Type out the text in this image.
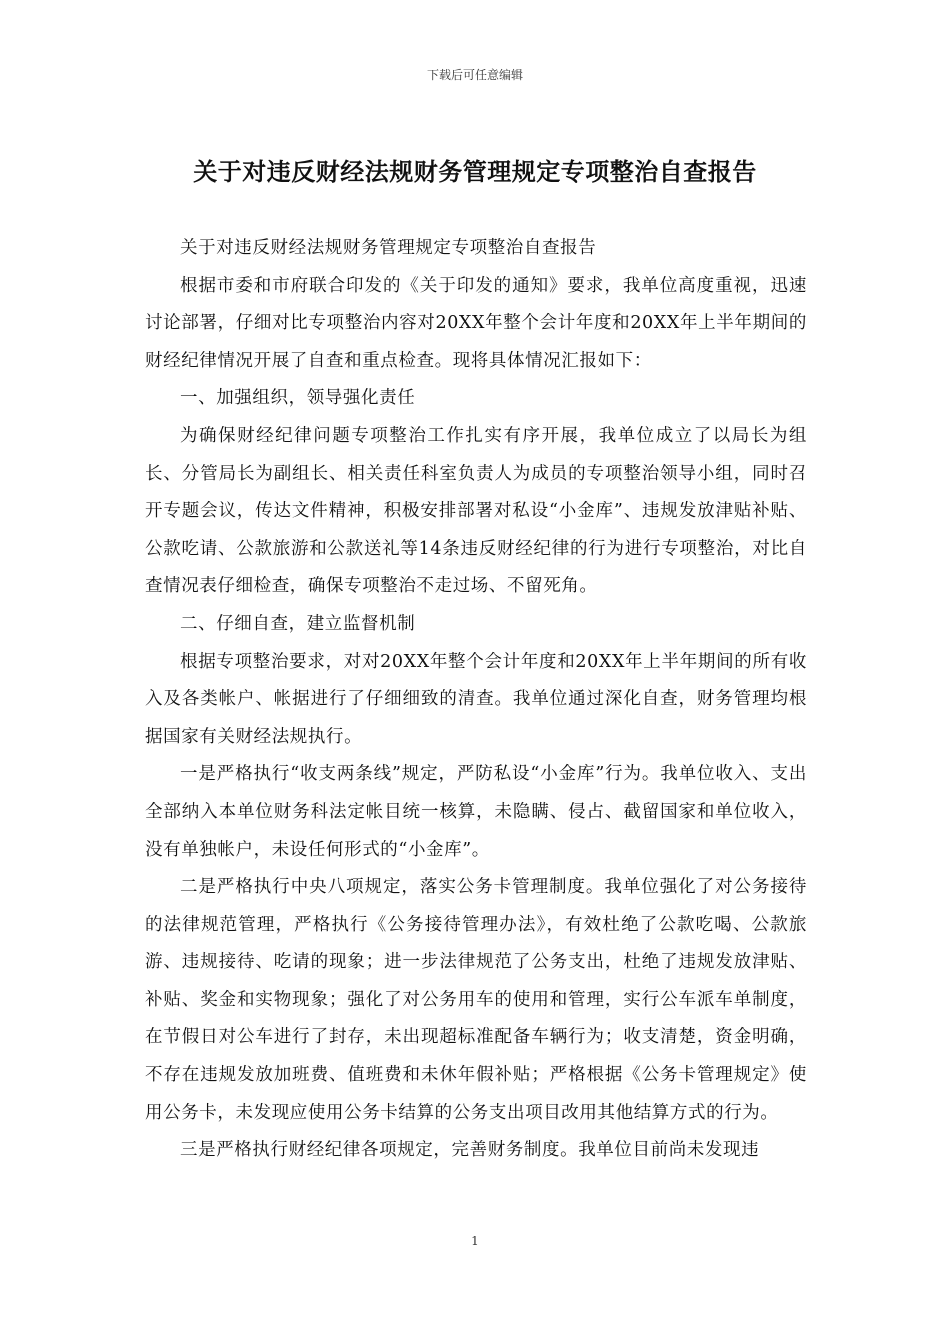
下载后可任意编辑
关于对违反财经法规财务管理规定专项整治自查报告

关于对违反财经法规财务管理规定专项整治自查报告

根据市委和市府联合印发的《关于印发的通知》要求，我单位高度重视，迅速讨论部署，仔细对比专项整治内容对20XX年整个会计年度和20XX年上半年期间的财经纪律情况开展了自查和重点检查。现将具体情况汇报如下：

一、加强组织，领导强化责任

为确保财经纪律问题专项整治工作扎实有序开展，我单位成立了以局长为组长、分管局长为副组长、相关责任科室负责人为成员的专项整治领导小组，同时召开专题会议，传达文件精神，积极安排部署对私设“小金库”、违规发放津贴补贴、公款吃请、公款旅游和公款送礼等14条违反财经纪律的行为进行专项整治，对比自查情况表仔细检查，确保专项整治不走过场、不留死角。

二、仔细自查，建立监督机制

根据专项整治要求，对对20XX年整个会计年度和20XX年上半年期间的所有收入及各类帐户、帐据进行了仔细细致的清查。我单位通过深化自查，财务管理均根据国家有关财经法规执行。

一是严格执行“收支两条线”规定，严防私设“小金库”行为。我单位收入、支出全部纳入本单位财务科法定帐目统一核算，未隐瞒、侵占、截留国家和单位收入，没有单独帐户，未设任何形式的“小金库”。

二是严格执行中央八项规定，落实公务卡管理制度。我单位强化了对公务接待的法律规范管理，严格执行《公务接待管理办法》，有效杜绝了公款吃喝、公款旅游、违规接待、吃请的现象；进一步法律规范了公务支出，杜绝了违规发放津贴、补贴、奖金和实物现象；强化了对公务用车的使用和管理，实行公车派车单制度，在节假日对公车进行了封存，未出现超标准配备车辆行为；收支清楚，资金明确，不存在违规发放加班费、值班费和未休年假补贴；严格根据《公务卡管理规定》使用公务卡，未发现应使用公务卡结算的公务支出项目改用其他结算方式的行为。

三是严格执行财经纪律各项规定，完善财务制度。我单位目前尚未发现违

1
